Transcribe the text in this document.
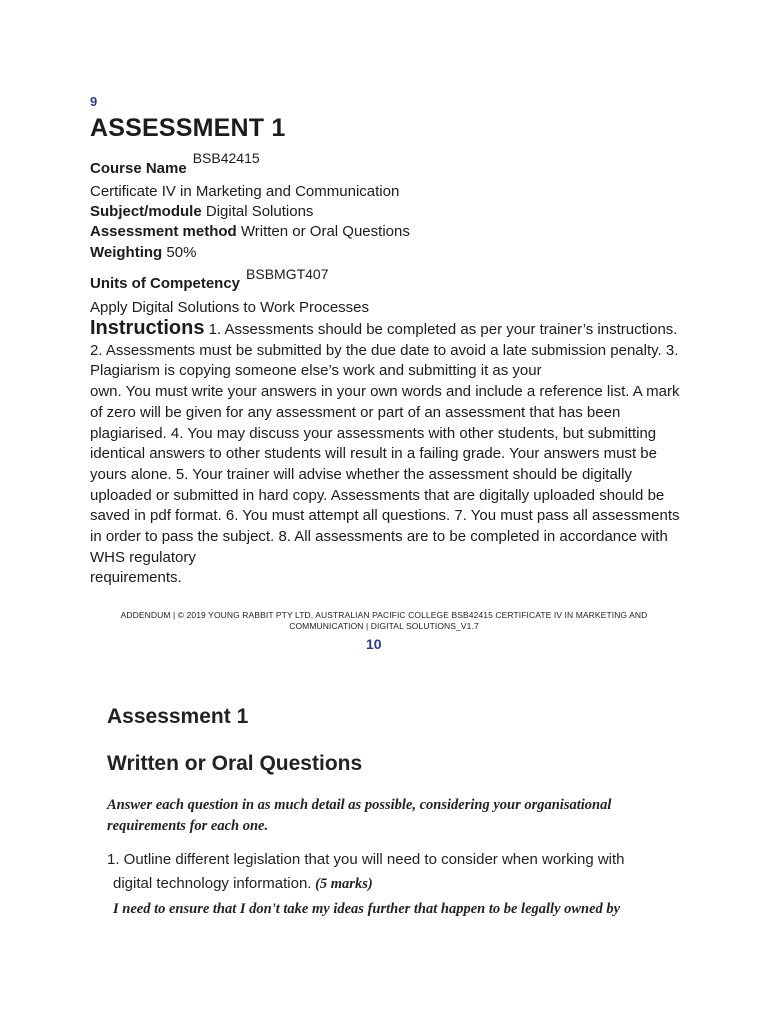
9
ASSESSMENT 1
Course NameBSB42415
Certificate IV in Marketing and Communication
Subject/module Digital Solutions
Assessment method Written or Oral Questions
Weighting 50%
Units of CompetencyBSBMGT407
Apply Digital Solutions to Work Processes
Instructions 1. Assessments should be completed as per your trainer’s instructions. 2. Assessments must be submitted by the due date to avoid a late submission penalty. 3. Plagiarism is copying someone else’s work and submitting it as your
own. You must write your answers in your own words and include a reference list. A mark of zero will be given for any assessment or part of an assessment that has been plagiarised. 4. You may discuss your assessments with other students, but submitting identical answers to other students will result in a failing grade. Your answers must be yours alone. 5. Your trainer will advise whether the assessment should be digitally uploaded or submitted in hard copy. Assessments that are digitally uploaded should be saved in pdf format. 6. You must attempt all questions. 7. You must pass all assessments in order to pass the subject. 8. All assessments are to be completed in accordance with WHS regulatory
requirements.
ADDENDUM | © 2019 YOUNG RABBIT PTY LTD, AUSTRALIAN PACIFIC COLLEGE BSB42415 CERTIFICATE IV IN MARKETING AND COMMUNICATION | DIGITAL SOLUTIONS_V1.7
10
Assessment 1
Written or Oral Questions
Answer each question in as much detail as possible, considering your organisational requirements for each one.
1. Outline different legislation that you will need to consider when working with
digital technology information. (5 marks)
I need to ensure that I don't take my ideas further that happen to be legally owned by
